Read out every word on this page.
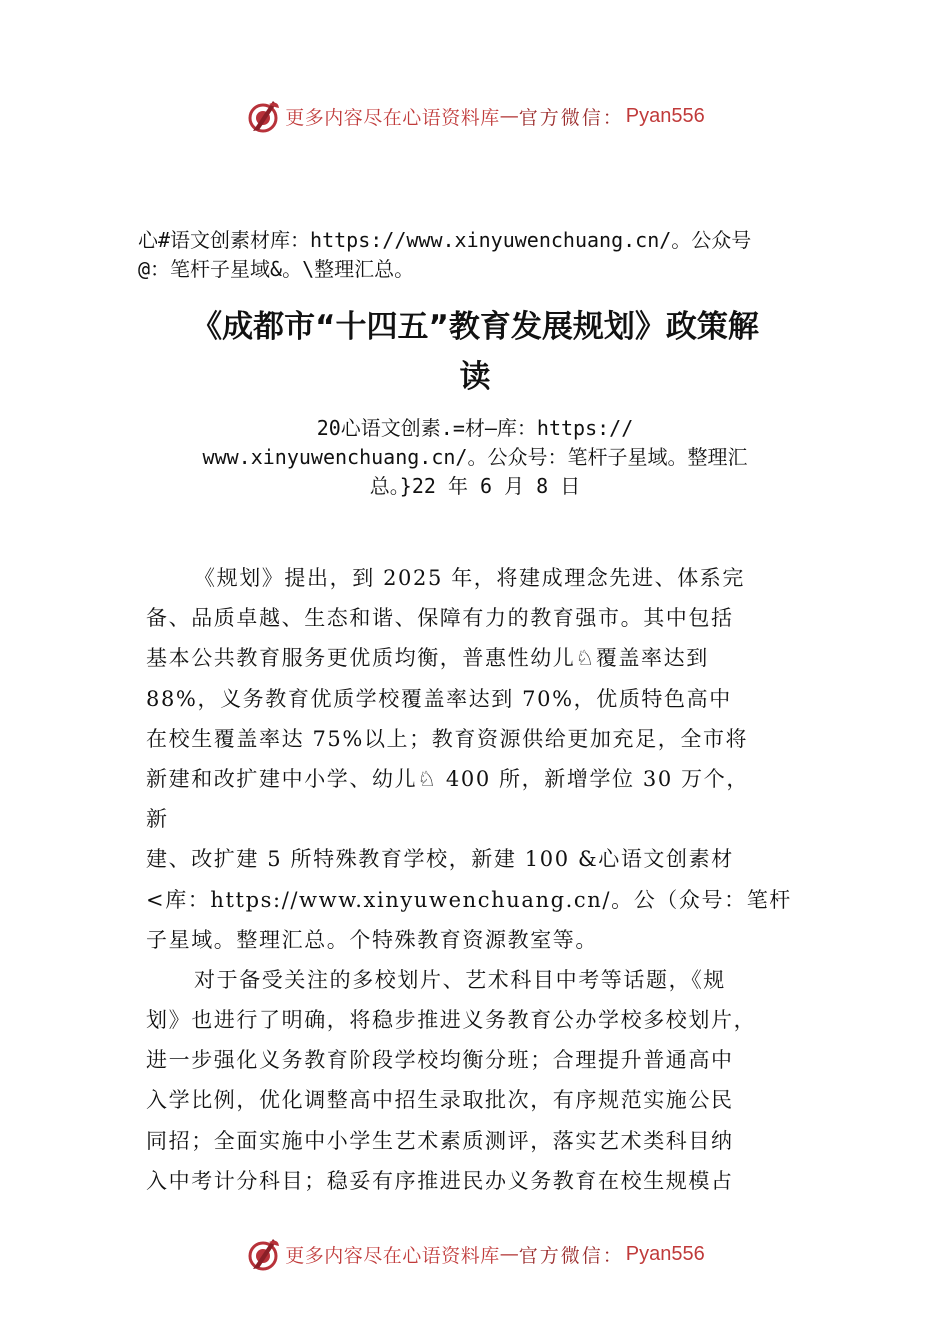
更多内容尽在心语资料库 — 官方微信： Pyan556
心#语文创素材库：https://www.xinyuwenchuang.cn/。公众号
@：笔杆子星域&。\整理汇总。
《成都市“十四五”教育发展规划》政策解
读
20心语文创素.=材—库：https://
www.xinyuwenchuang.cn/。公众号：笔杆子星域。整理汇
总。}22 年 6 月 8 日
《规划》提出，到 2025 年，将建成理念先进、体系完
备、品质卓越、生态和谐、保障有力的教育强市。其中包括
基本公共教育服务更优质均衡，普惠性幼儿♘覆盖率达到
88%，义务教育优质学校覆盖率达到 70%，优质特色高中
在校生覆盖率达 75%以上；教育资源供给更加充足，全市将
新建和改扩建中小学、幼儿♘ 400 所，新增学位 30 万个，
新
建、改扩建 5 所特殊教育学校，新建 100 &心语文创素材
<库：https://www.xinyuwenchuang.cn/。公（众号：笔杆
子星域。整理汇总。个特殊教育资源教室等。
对于备受关注的多校划片、艺术科目中考等话题，《规
划》也进行了明确，将稳步推进义务教育公办学校多校划片，
进一步强化义务教育阶段学校均衡分班；合理提升普通高中
入学比例，优化调整高中招生录取批次，有序规范实施公民
同招；全面实施中小学生艺术素质测评，落实艺术类科目纳
入中考计分科目；稳妥有序推进民办义务教育在校生规模占
更多内容尽在心语资料库 — 官方微信： Pyan556
